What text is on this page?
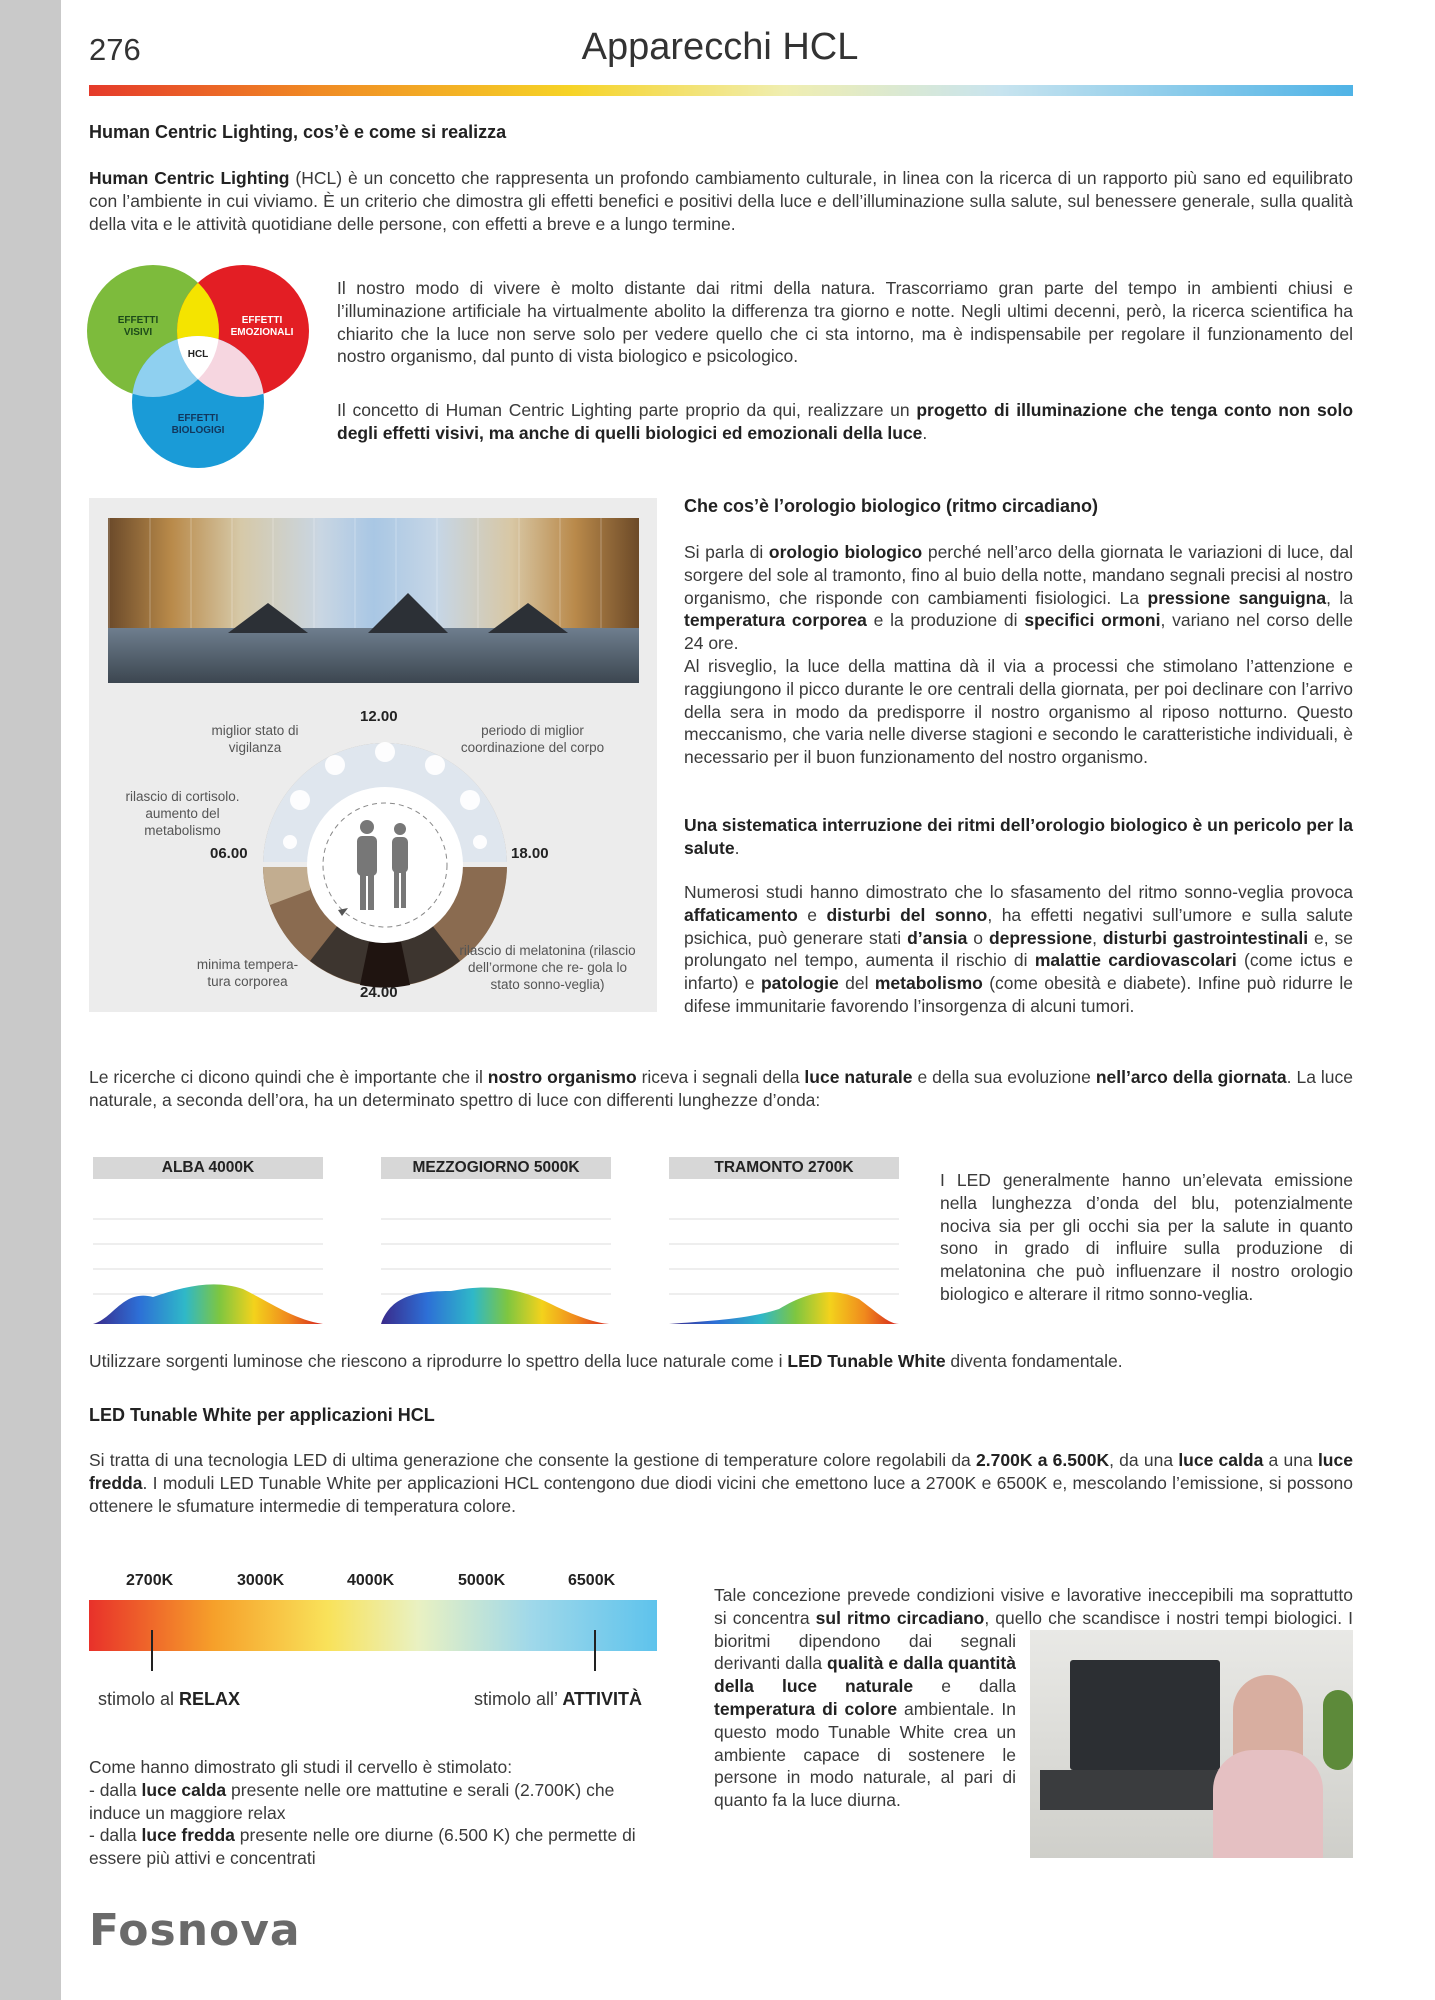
276	Apparecchi HCL
Human Centric Lighting, cos’è e come si realizza
Human Centric Lighting (HCL) è un concetto che rappresenta un profondo cambiamento culturale, in linea con la ricerca di un rapporto più sano ed equilibrato con l’ambiente in cui viviamo. È un criterio che dimostra gli effetti benefici e positivi della luce e dell’illuminazione sulla salute, sul benessere generale, sulla qualità della vita e le attività quotidiane delle persone, con effetti a breve e a lungo termine.
EFFETTI VISIVI
EFFETTI EMOZIONALI
HCL
EFFETTI BIOLOGIGI
Il nostro modo di vivere è molto distante dai ritmi della natura. Trascorriamo gran parte del tempo in ambienti chiusi e l’illuminazione artificiale ha virtualmente abolito la differenza tra giorno e notte. Negli ultimi decenni, però, la ricerca scientifica ha chiarito che la luce non serve solo per vedere quello che ci sta intorno, ma è indispensabile per regolare il funzionamento del nostro organismo, dal punto di vista biologico e psicologico.
Il concetto di Human Centric Lighting parte proprio da qui, realizzare un progetto di illuminazione che tenga conto non solo degli effetti visivi, ma anche di quelli biologici ed emozionali della luce.
12.00
06.00	18.00
24.00
miglior stato di vigilanza
periodo di miglior coordinazione del corpo
rilascio di cortisolo. aumento del metabolismo
minima tempera- tura corporea
rilascio di melatonina (rilascio dell’ormone che re- gola lo stato sonno-veglia)
Che cos’è l’orologio biologico (ritmo circadiano)
Si parla di orologio biologico perché nell’arco della giornata le variazioni di luce, dal sorgere del sole al tramonto, fino al buio della notte, mandano segnali precisi al nostro organismo, che risponde con cambiamenti fisiologici. La pressione sanguigna, la temperatura corporea e la produzione di specifici ormoni, variano nel corso delle 24 ore.
Al risveglio, la luce della mattina dà il via a processi che stimolano l’attenzione e raggiungono il picco durante le ore centrali della giornata, per poi declinare con l’arrivo della sera in modo da predisporre il nostro organismo al riposo notturno. Questo meccanismo, che varia nelle diverse stagioni e secondo le caratteristiche individuali, è necessario per il buon funzionamento del nostro organismo.
Una sistematica interruzione dei ritmi dell’orologio biologico è un pericolo per la salute.
Numerosi studi hanno dimostrato che lo sfasamento del ritmo sonno-veglia provoca affaticamento e disturbi del sonno, ha effetti negativi sull’umore e sulla salute psichica, può generare stati d’ansia o depressione, disturbi gastrointestinali e, se prolungato nel tempo, aumenta il rischio di malattie cardiovascolari (come ictus e infarto) e patologie del metabolismo (come obesità e diabete). Infine può ridurre le difese immunitarie favorendo l’insorgenza di alcuni tumori.
Le ricerche ci dicono quindi che è importante che il nostro organismo riceva i segnali della luce naturale e della sua evoluzione nell’arco della giornata. La luce naturale, a seconda dell’ora, ha un determinato spettro di luce con differenti lunghezze d’onda:
ALBA 4000K	MEZZOGIORNO 5000K	TRAMONTO 2700K
I LED generalmente hanno un’elevata emissione nella lunghezza d’onda del blu, potenzialmente nociva sia per gli occhi sia per la salute in quanto sono in grado di influire sulla produzione di melatonina che può influenzare il nostro orologio biologico e alterare il ritmo sonno-veglia.
Utilizzare sorgenti luminose che riescono a riprodurre lo spettro della luce naturale come i LED Tunable White diventa fondamentale.
LED Tunable White per applicazioni HCL
Si tratta di una tecnologia LED di ultima generazione che consente la gestione di temperature colore regolabili da 2.700K a 6.500K, da una luce calda a una luce fredda. I moduli LED Tunable White per applicazioni HCL contengono due diodi vicini che emettono luce a 2700K e 6500K e, mescolando l’emissione, si possono ottenere le sfumature intermedie di temperatura colore.
2700K	3000K	4000K	5000K	6500K
stimolo al RELAX	stimolo all’ ATTIVITÀ
Come hanno dimostrato gli studi il cervello è stimolato:
- dalla luce calda presente nelle ore mattutine e serali (2.700K) che induce un maggiore relax
- dalla luce fredda presente nelle ore diurne (6.500 K) che permette di essere più attivi e concentrati
Tale concezione prevede condizioni visive e lavorative ineccepibili ma soprattutto si concentra sul ritmo circadiano, quello che scandisce i nostri tempi biologici. I bioritmi dipendono dai segnali derivanti dalla qualità e dalla quantità della luce naturale e dalla temperatura di colore ambientale. In questo modo Tunable White crea un ambiente capace di sostenere le persone in modo naturale, al pari di quanto fa la luce diurna.
Fosnova
